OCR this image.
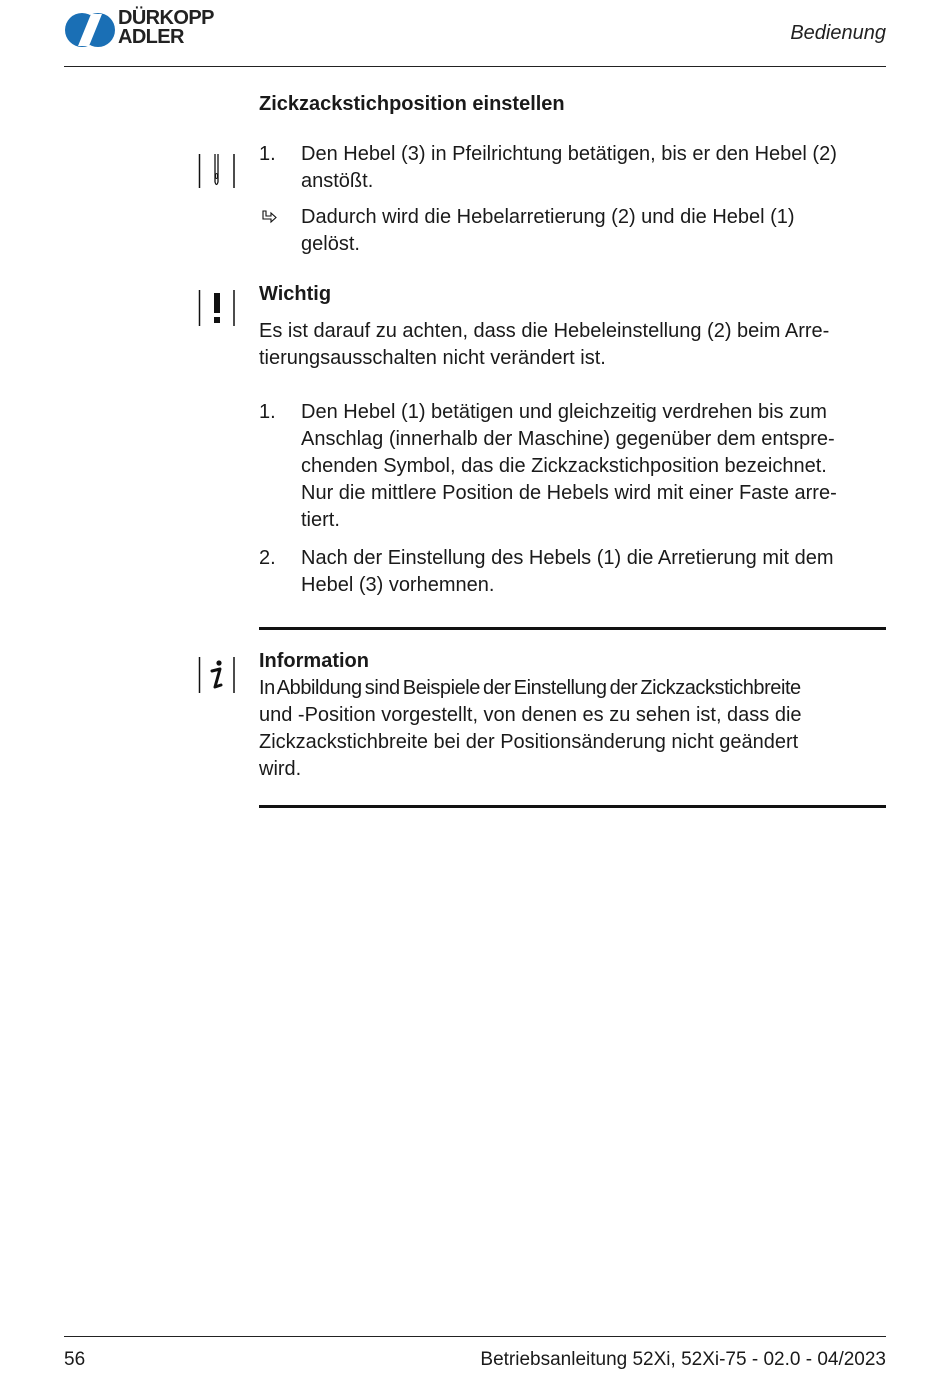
DÜRKOPP
ADLER	Bedienung
Zickzackstichposition einstellen
1.	Den Hebel (3) in Pfeilrichtung betätigen, bis er den Hebel (2)
anstößt.
Dadurch wird die Hebelarretierung (2) und die Hebel (1)
gelöst.
Wichtig
Es ist darauf zu achten, dass die Hebeleinstellung (2) beim Arre-
tierungsausschalten nicht verändert ist.
1.	Den Hebel (1) betätigen und gleichzeitig verdrehen bis zum
Anschlag (innerhalb der Maschine) gegenüber dem entspre-
chenden Symbol, das die Zickzackstichposition bezeichnet.
Nur die mittlere Position de Hebels wird mit einer Faste arre-
tiert.
2.	Nach der Einstellung des Hebels (1) die Arretierung mit dem
Hebel (3) vorhemnen.
Information
In Abbildung sind Beispiele der Einstellung der Zickzackstichbreite
und -Position vorgestellt, von denen es zu sehen ist, dass die
Zickzackstichbreite bei der Positionsänderung nicht geändert
wird.
56	Betriebsanleitung 52Xi, 52Xi-75 - 02.0 - 04/2023
